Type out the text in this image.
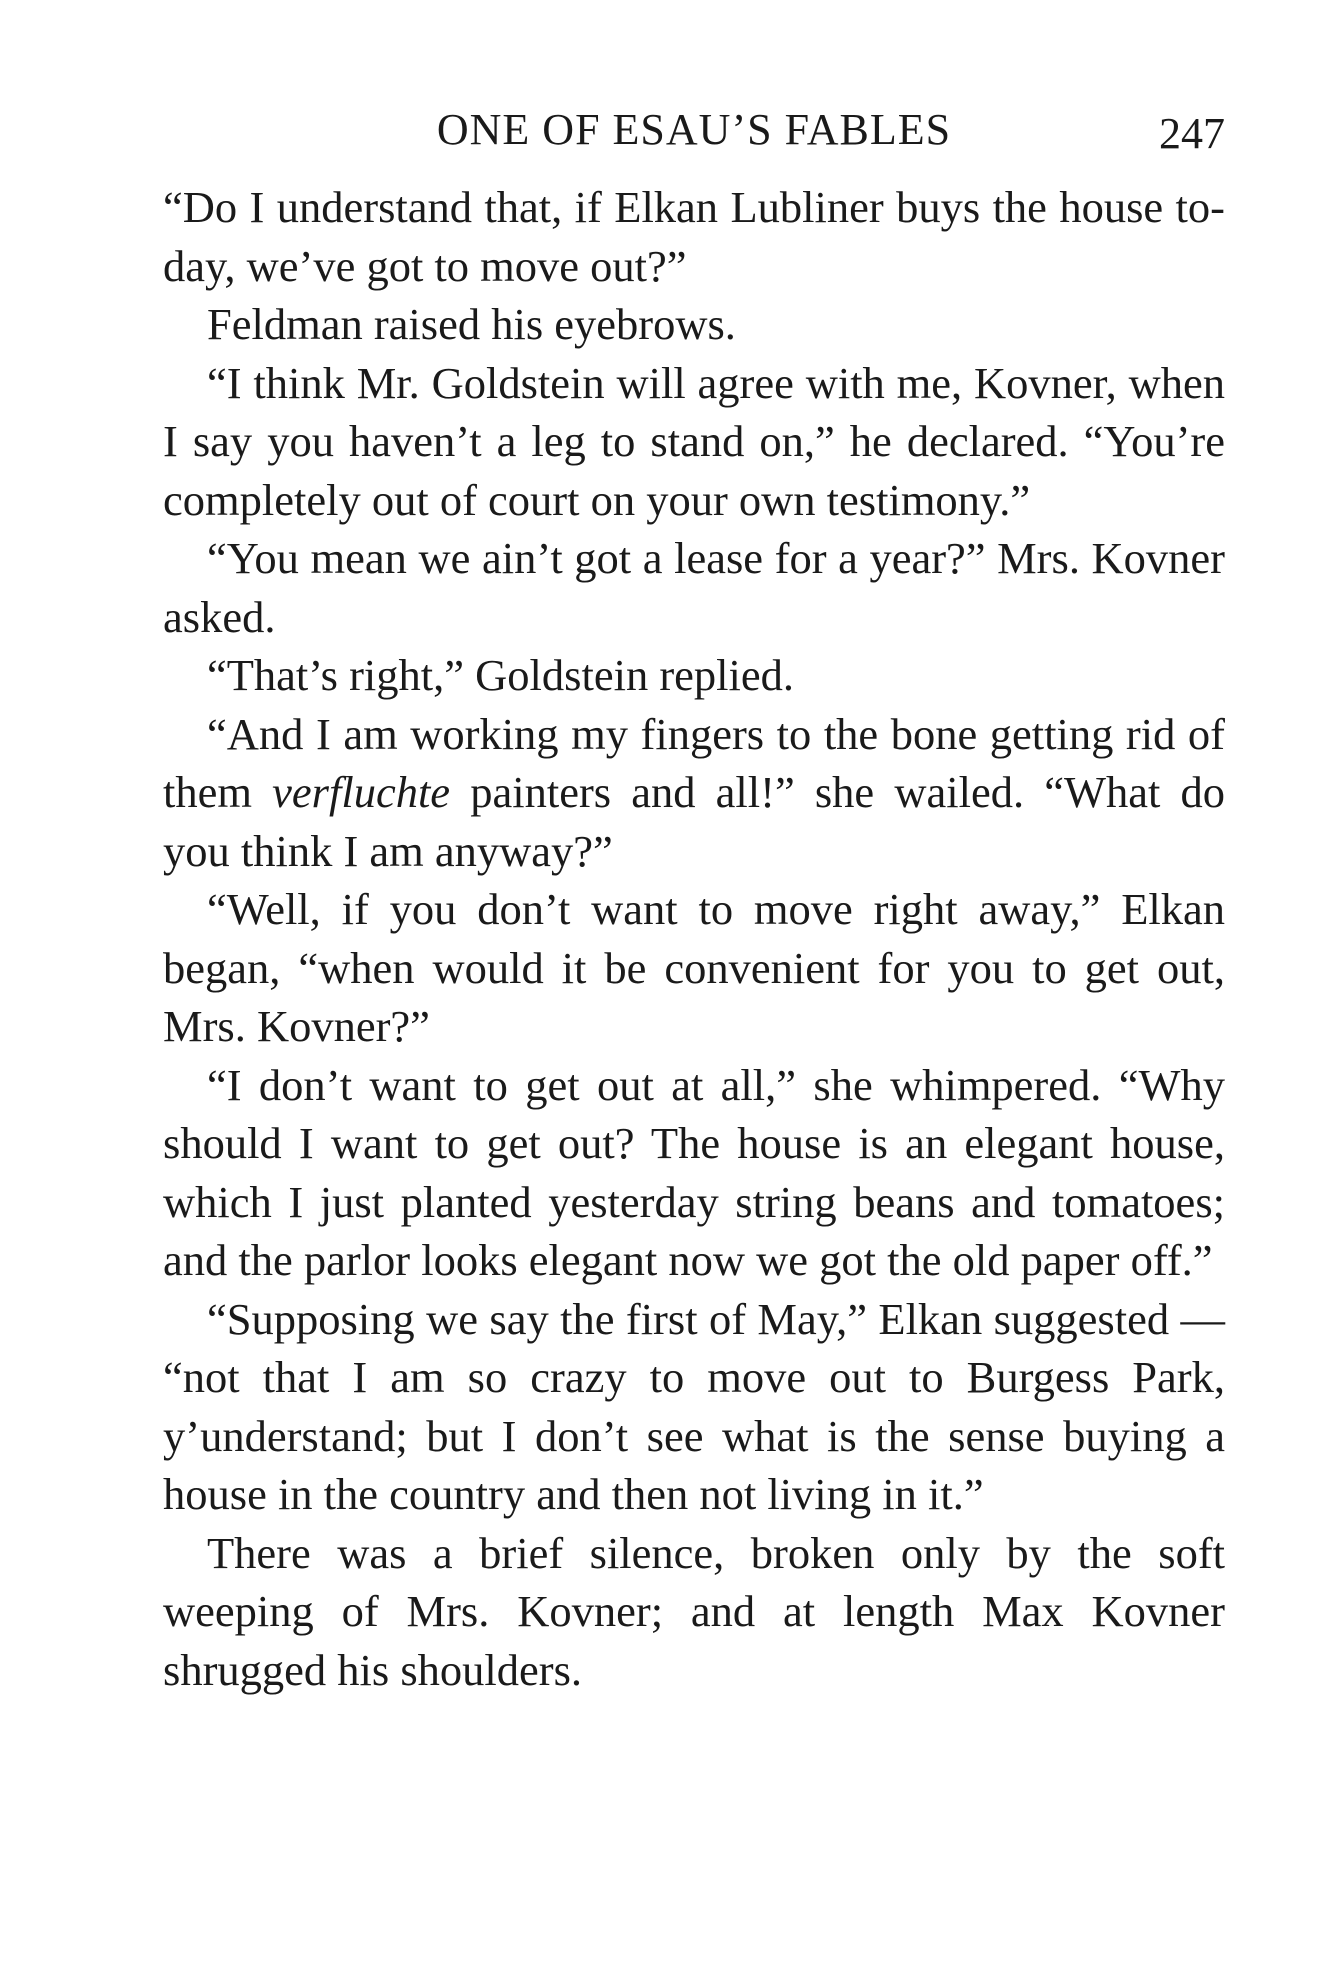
ONE OF ESAU’S FABLES	247

“Do I understand that, if Elkan Lubliner buys the house to-day, we’ve got to move out?”

Feldman raised his eyebrows.

“I think Mr. Goldstein will agree with me, Kovner, when I say you haven’t a leg to stand on,” he declared. “You’re completely out of court on your own testimony.”

“You mean we ain’t got a lease for a year?” Mrs. Kovner asked.

“That’s right,” Goldstein replied.

“And I am working my fingers to the bone getting rid of them verfluchte painters and all!” she wailed. “What do you think I am anyway?”

“Well, if you don’t want to move right away,” Elkan began, “when would it be convenient for you to get out, Mrs. Kovner?”

“I don’t want to get out at all,” she whimpered. “Why should I want to get out? The house is an elegant house, which I just planted yesterday string beans and tomatoes; and the parlor looks elegant now we got the old paper off.”

“Supposing we say the first of May,” Elkan suggested — “not that I am so crazy to move out to Burgess Park, y’understand; but I don’t see what is the sense buying a house in the country and then not living in it.”

There was a brief silence, broken only by the soft weeping of Mrs. Kovner; and at length Max Kovner shrugged his shoulders.
